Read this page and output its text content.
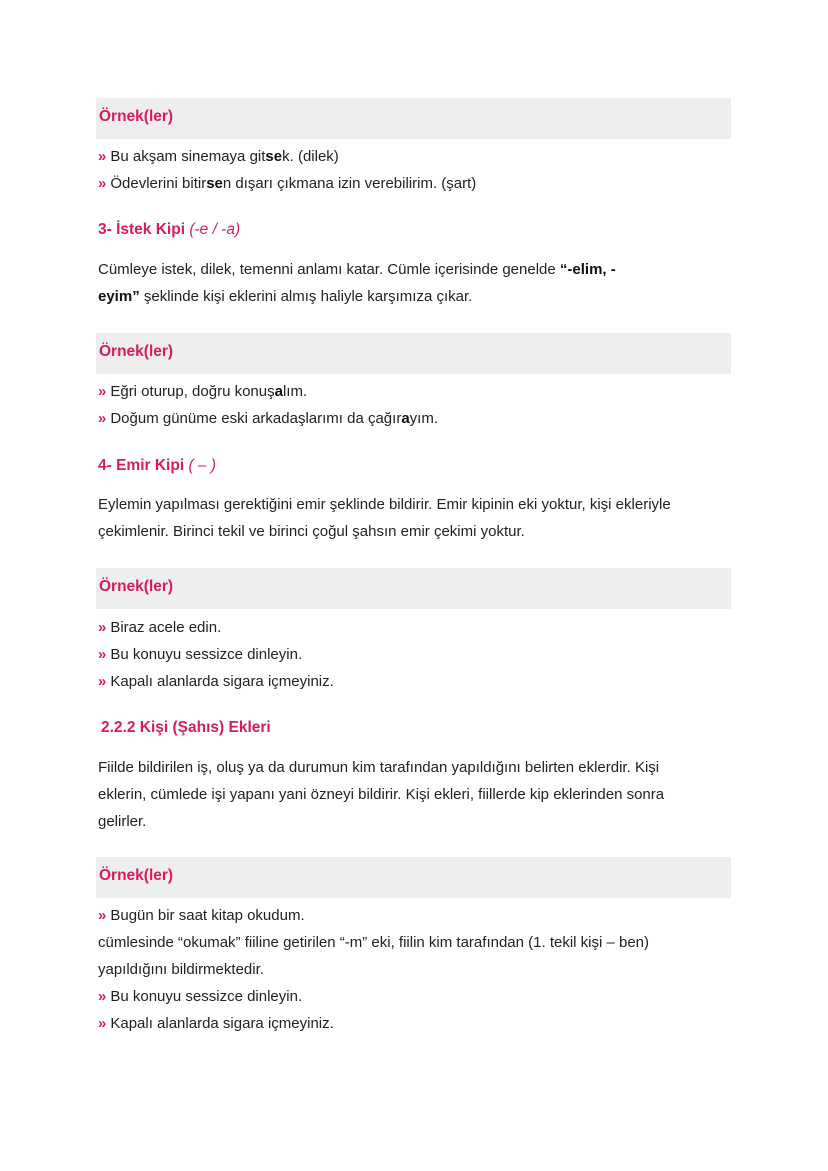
Örnek(ler)
» Bu akşam sinemaya gitsek. (dilek)
» Ödevlerini bitirsen dışarı çıkmana izin verebilirim. (şart)
3- İstek Kipi (-e / -a)
Cümleye istek, dilek, temenni anlamı katar. Cümle içerisinde genelde “-elim, -
eyim” şeklinde kişi eklerini almış haliyle karşımıza çıkar.
Örnek(ler)
» Eğri oturup, doğru konuşalım.
» Doğum günüme eski arkadaşlarımı da çağırayım.
4- Emir Kipi ( – )
Eylemin yapılması gerektiğini emir şeklinde bildirir. Emir kipinin eki yoktur, kişi ekleriyle
çekimlenir. Birinci tekil ve birinci çoğul şahsın emir çekimi yoktur.
Örnek(ler)
» Biraz acele edin.
» Bu konuyu sessizce dinleyin.
» Kapalı alanlarda sigara içmeyiniz.
2.2.2 Kişi (Şahıs) Ekleri
Fiilde bildirilen iş, oluş ya da durumun kim tarafından yapıldığını belirten eklerdir. Kişi
eklerin, cümlede işi yapanı yani özneyi bildirir. Kişi ekleri, fiillerde kip eklerinden sonra
gelirler.
Örnek(ler)
» Bugün bir saat kitap okudum.
cümlesinde “okumak” fiiline getirilen “-m” eki, fiilin kim tarafından (1. tekil kişi – ben)
yapıldığını bildirmektedir.
» Bu konuyu sessizce dinleyin.
» Kapalı alanlarda sigara içmeyiniz.
